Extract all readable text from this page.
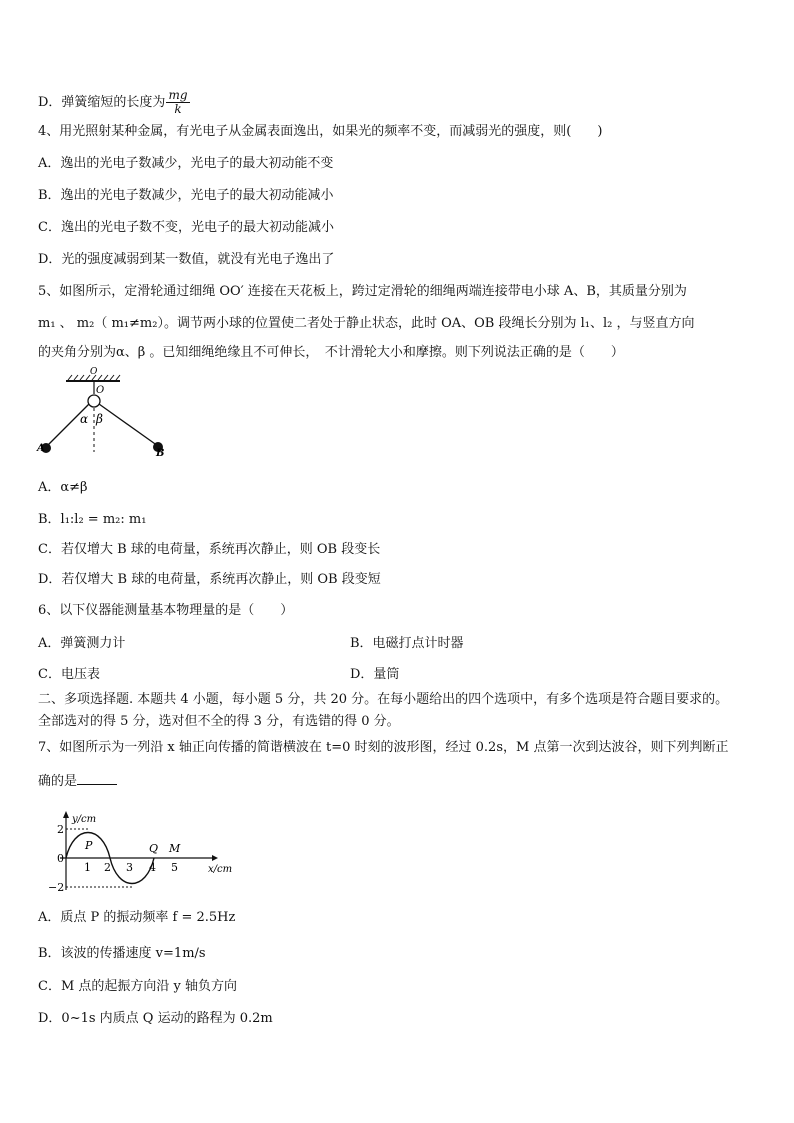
D．弹簧缩短的长度为 $\frac{mg}{k}$
4、用光照射某种金属，有光电子从金属表面逸出，如果光的频率不变，而减弱光的强度，则(　　)
A．逸出的光电子数减少，光电子的最大初动能不变
B．逸出的光电子数减少，光电子的最大初动能减小
C．逸出的光电子数不变，光电子的最大初动能减小
D．光的强度减弱到某一数值，就没有光电子逸出了
5、如图所示，定滑轮通过细绳 OO′ 连接在天花板上，跨过定滑轮的细绳两端连接带电小球 A、B，其质量分别为
m₁ 、 m₂（ m₁≠m₂）。调节两小球的位置使二者处于静止状态，此时 OA、OB 段绳长分别为 l₁、l₂ ，与竖直方向
的夹角分别为α、β 。已知细绳绝缘且不可伸长，　不计滑轮大小和摩擦。则下列说法正确的是（　　）
O
O
α β
A	B
A．α≠β
B．l₁:l₂ = m₂: m₁
C．若仅增大 B 球的电荷量，系统再次静止，则 OB 段变长
D．若仅增大 B 球的电荷量，系统再次静止，则 OB 段变短
6、以下仪器能测量基本物理量的是（　　）
A．弹簧测力计	B．电磁打点计时器
C．电压表	D．量筒
二、多项选择题. 本题共 4 小题，每小题 5 分，共 20 分。在每小题给出的四个选项中，有多个选项是符合题目要求的。
全部选对的得 5 分，选对但不全的得 3 分，有选错的得 0 分。
7、如图所示为一列沿 x 轴正向传播的简谐横波在 t=0 时刻的波形图，经过 0.2s，M 点第一次到达波谷，则下列判断正
确的是
y/cm
x/cm
2
0
−2
1 2 3 4 5
P	Q M
A．质点 P 的振动频率 f = 2.5Hz
B．该波的传播速度 v=1m/s
C．M 点的起振方向沿 y 轴负方向
D．0~1s 内质点 Q 运动的路程为 0.2m
